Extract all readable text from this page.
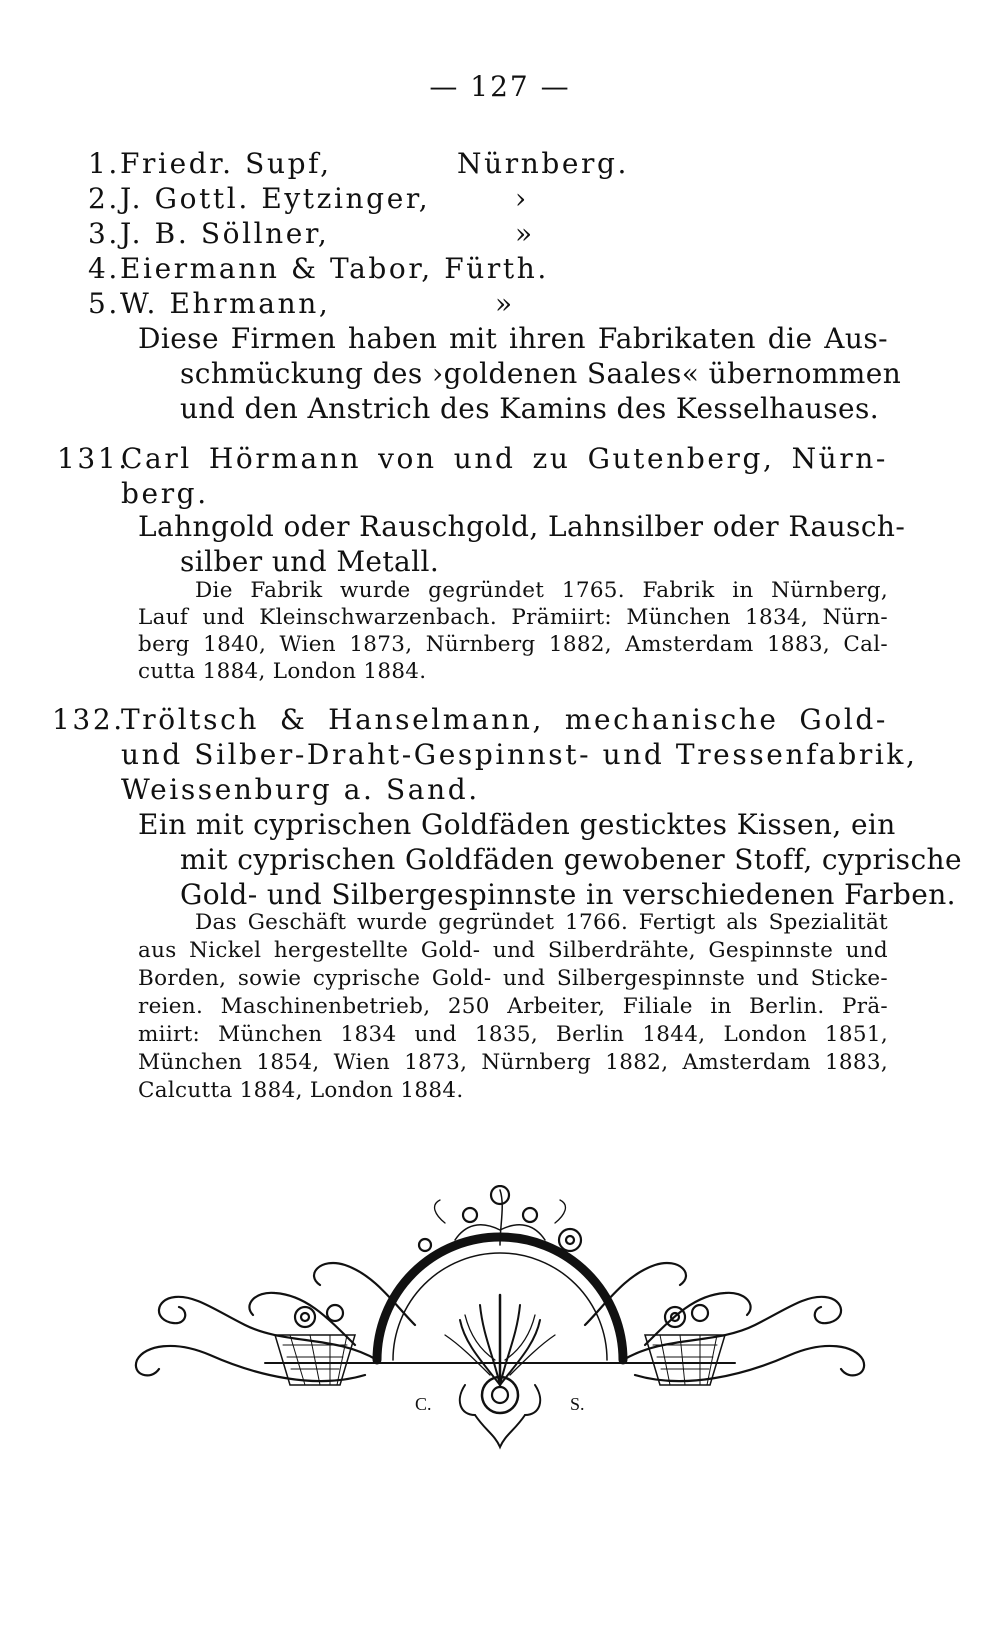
— 127 —
1.Friedr. Supf,	Nürnberg.
2.J. Gottl. Eytzinger,	›
3.J. B. Söllner,	»
4.Eiermann & Tabor, Fürth.
5.W. Ehrmann,	»
Diese Firmen haben mit ihren Fabrikaten die Aus-
schmückung des ›goldenen Saales« übernommen
und den Anstrich des Kamins des Kesselhauses.
131.
Carl Hörmann von und zu Gutenberg, Nürn-
berg.
Lahngold oder Rauschgold, Lahnsilber oder Rausch-
silber und Metall.
Die Fabrik wurde gegründet 1765. Fabrik in Nürnberg,
Lauf und Kleinschwarzenbach. Prämiirt: München 1834, Nürn-
berg 1840, Wien 1873, Nürnberg 1882, Amsterdam 1883, Cal-
cutta 1884, London 1884.
132.
Tröltsch & Hanselmann, mechanische Gold-
und Silber-Draht-Gespinnst- und Tressenfabrik,
Weissenburg a. Sand.
Ein mit cyprischen Goldfäden gesticktes Kissen, ein
mit cyprischen Goldfäden gewobener Stoff, cyprische
Gold- und Silbergespinnste in verschiedenen Farben.
Das Geschäft wurde gegründet 1766. Fertigt als Spezialität
aus Nickel hergestellte Gold- und Silberdrähte, Gespinnste und
Borden, sowie cyprische Gold- und Silbergespinnste und Sticke-
reien. Maschinenbetrieb, 250 Arbeiter, Filiale in Berlin. Prä-
miirt: München 1834 und 1835, Berlin 1844, London 1851,
München 1854, Wien 1873, Nürnberg 1882, Amsterdam 1883,
Calcutta 1884, London 1884.
C.	S.
